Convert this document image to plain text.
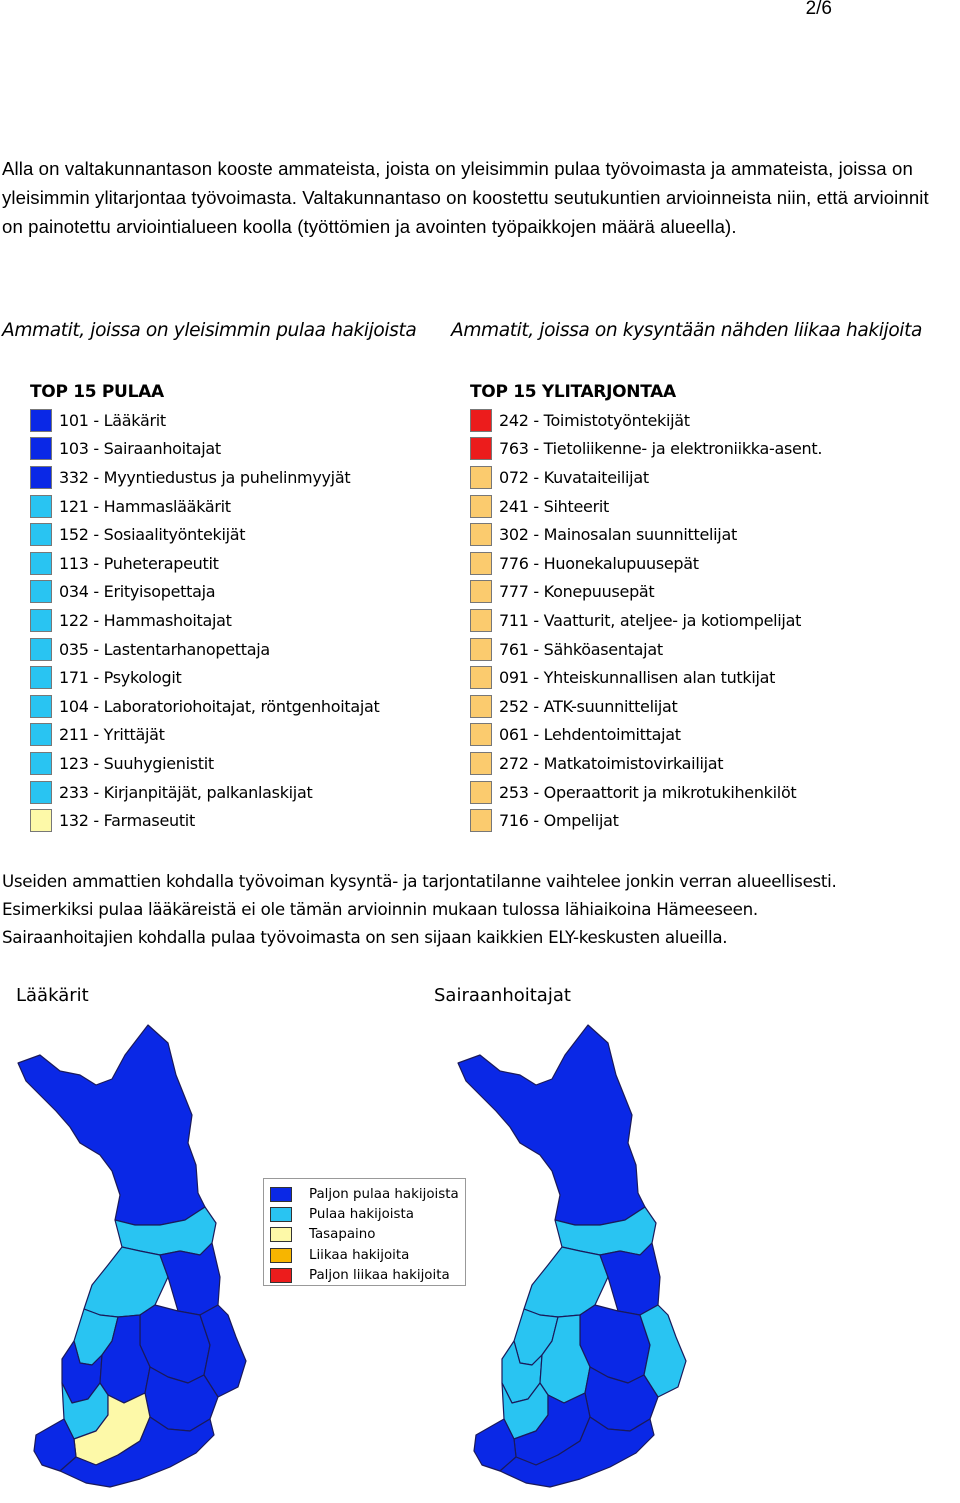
2/6

Alla on valtakunnantason kooste ammateista, joista on yleisimmin pulaa työvoimasta ja ammateista, joissa on yleisimmin ylitarjontaa työvoimasta. Valtakunnantaso on koostettu seutukuntien arvioinneista niin, että arvioinnit on painotettu arviointialueen koolla (työttömien ja avointen työpaikkojen määrä alueella).

Ammatit, joissa on yleisimmin pulaa hakijoista Ammatit, joissa on kysyntään nähden liikaa hakijoita
TOP 15 PULAA
101 - Lääkärit
103 - Sairaanhoitajat
332 - Myyntiedustus ja puhelinmyyjät
121 - Hammaslääkärit
152 - Sosiaalityöntekijät
113 - Puheterapeutit
034 - Erityisopettaja
122 - Hammashoitajat
035 - Lastentarhanopettaja
171 - Psykologit
104 - Laboratoriohoitajat, röntgenhoitajat
211 - Yrittäjät
123 - Suuhygienistit
233 - Kirjanpitäjät, palkanlaskijat
132 - Farmaseutit
TOP 15 YLITARJONTAA
242 - Toimistotyöntekijät
763 - Tietoliikenne- ja elektroniikka-asent.
072 - Kuvataiteilijat
241 - Sihteerit
302 - Mainosalan suunnittelijat
776 - Huonekalupuusepät
777 - Konepuusepät
711 - Vaatturit, ateljee- ja kotiompelijat
761 - Sähköasentajat
091 - Yhteiskunnallisen alan tutkijat
252 - ATK-suunnittelijat
061 - Lehdentoimittajat
272 - Matkatoimistovirkailijat
253 - Operaattorit ja mikrotukihenkilöt
716 - Ompelijat

Useiden ammattien kohdalla työvoiman kysyntä- ja tarjontatilanne vaihtelee jonkin verran alueellisesti.
Esimerkiksi pulaa lääkäreistä ei ole tämän arvioinnin mukaan tulossa lähiaikoina Hämeeseen.
Sairaanhoitajien kohdalla pulaa työvoimasta on sen sijaan kaikkien ELY-keskusten alueilla.

Lääkärit	Sairaanhoitajat
Paljon pulaa hakijoista
Pulaa hakijoista
Tasapaino
Liikaa hakijoita
Paljon liikaa hakijoita
